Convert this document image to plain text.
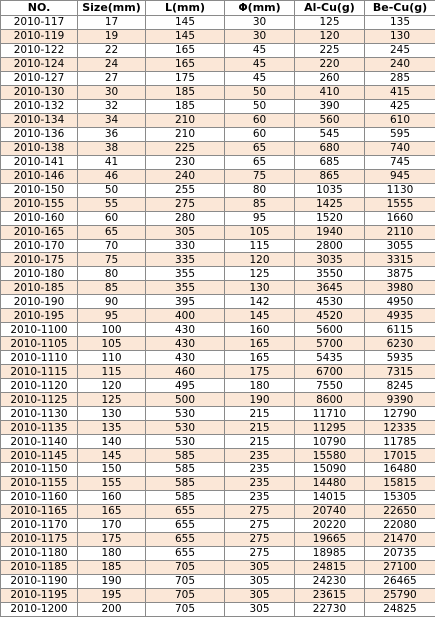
NO.	Size(mm)	L(mm)	Φ(mm)	Al-Cu(g)	Be-Cu(g)
2010-117	17	145	30	125	135
2010-119	19	145	30	120	130
2010-122	22	165	45	225	245
2010-124	24	165	45	220	240
2010-127	27	175	45	260	285
2010-130	30	185	50	410	415
2010-132	32	185	50	390	425
2010-134	34	210	60	560	610
2010-136	36	210	60	545	595
2010-138	38	225	65	680	740
2010-141	41	230	65	685	745
2010-146	46	240	75	865	945
2010-150	50	255	80	1035	1130
2010-155	55	275	85	1425	1555
2010-160	60	280	95	1520	1660
2010-165	65	305	105	1940	2110
2010-170	70	330	115	2800	3055
2010-175	75	335	120	3035	3315
2010-180	80	355	125	3550	3875
2010-185	85	355	130	3645	3980
2010-190	90	395	142	4530	4950
2010-195	95	400	145	4520	4935
2010-1100	100	430	160	5600	6115
2010-1105	105	430	165	5700	6230
2010-1110	110	430	165	5435	5935
2010-1115	115	460	175	6700	7315
2010-1120	120	495	180	7550	8245
2010-1125	125	500	190	8600	9390
2010-1130	130	530	215	11710	12790
2010-1135	135	530	215	11295	12335
2010-1140	140	530	215	10790	11785
2010-1145	145	585	235	15580	17015
2010-1150	150	585	235	15090	16480
2010-1155	155	585	235	14480	15815
2010-1160	160	585	235	14015	15305
2010-1165	165	655	275	20740	22650
2010-1170	170	655	275	20220	22080
2010-1175	175	655	275	19665	21470
2010-1180	180	655	275	18985	20735
2010-1185	185	705	305	24815	27100
2010-1190	190	705	305	24230	26465
2010-1195	195	705	305	23615	25790
2010-1200	200	705	305	22730	24825
